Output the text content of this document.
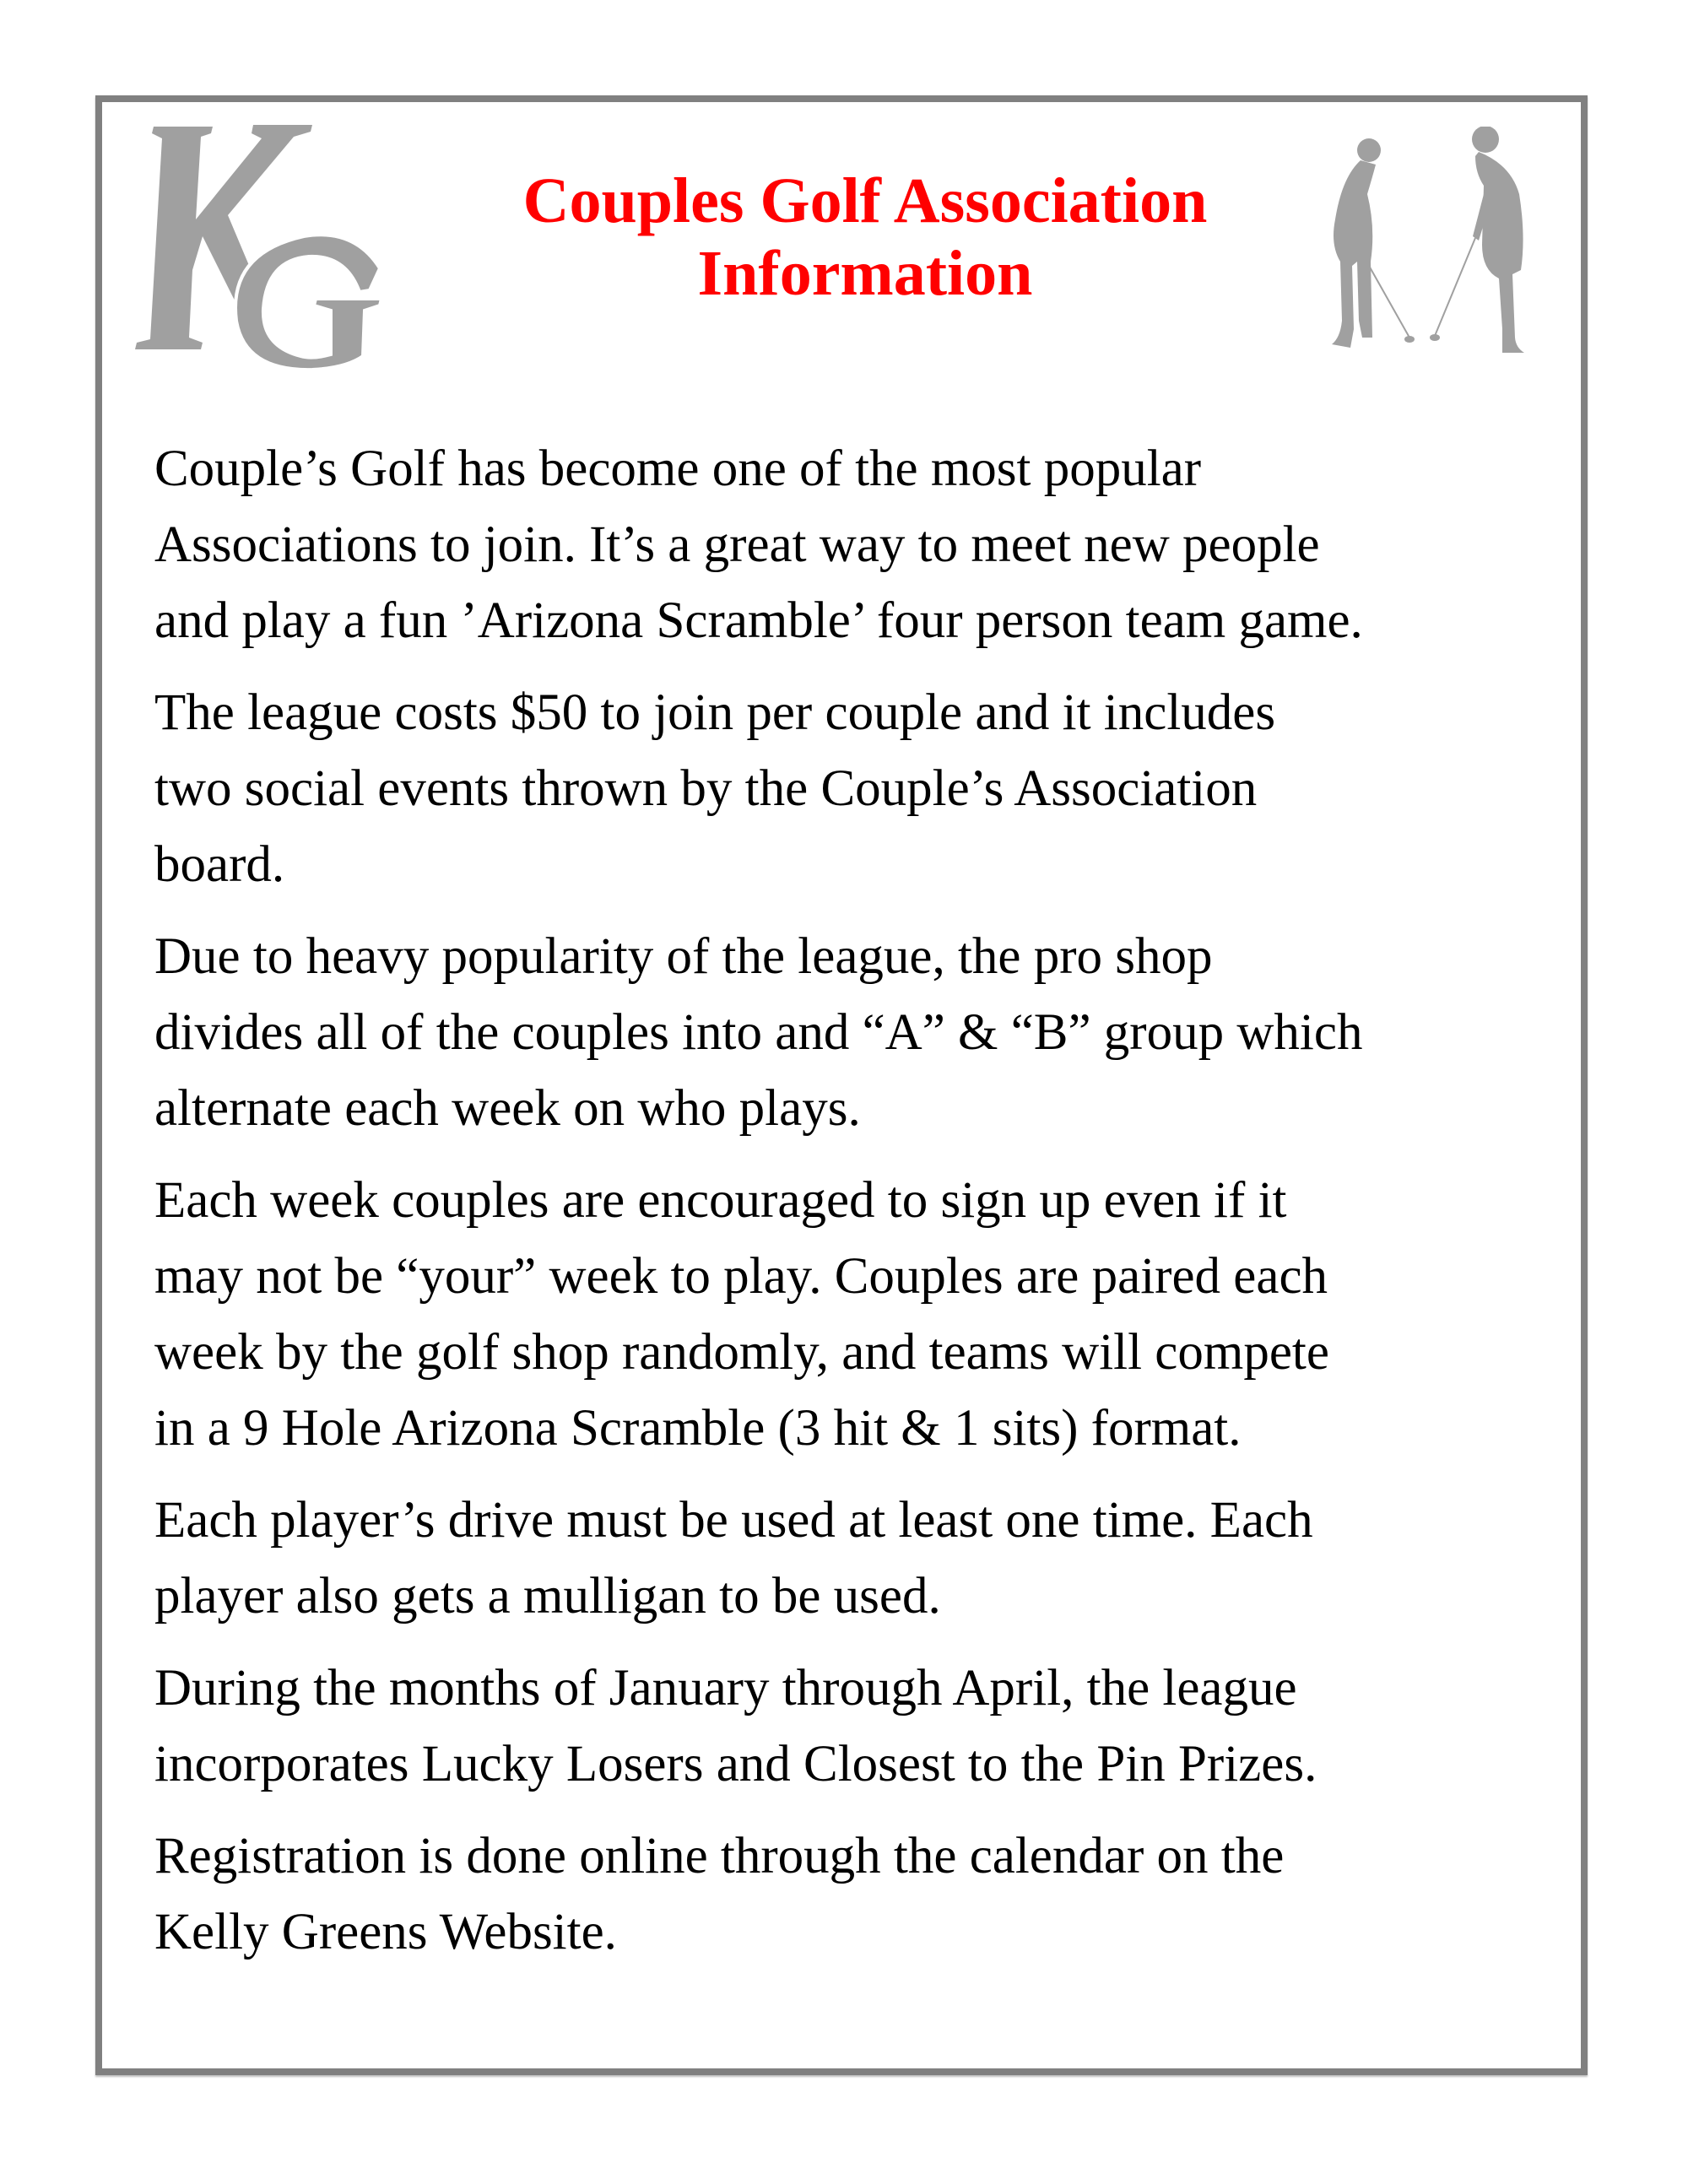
Couples Golf Association
Information
Couple’s Golf has become one of the most popular
Associations to join. It’s a great way to meet new people
and play a fun ’Arizona Scramble’ four person team game.
The league costs $50 to join per couple and it includes
two social events thrown by the Couple’s Association
board.
Due to heavy popularity of the league, the pro shop
divides all of the couples into and “A” & “B” group which
alternate each week on who plays.
Each week couples are encouraged to sign up even if it
may not be “your” week to play. Couples are paired each
week by the golf shop randomly, and teams will compete
in a 9 Hole Arizona Scramble (3 hit & 1 sits) format.
Each player’s drive must be used at least one time. Each
player also gets a mulligan to be used.
During the months of January through April, the league
incorporates Lucky Losers and Closest to the Pin Prizes.
Registration is done online through the calendar on the
Kelly Greens Website.
